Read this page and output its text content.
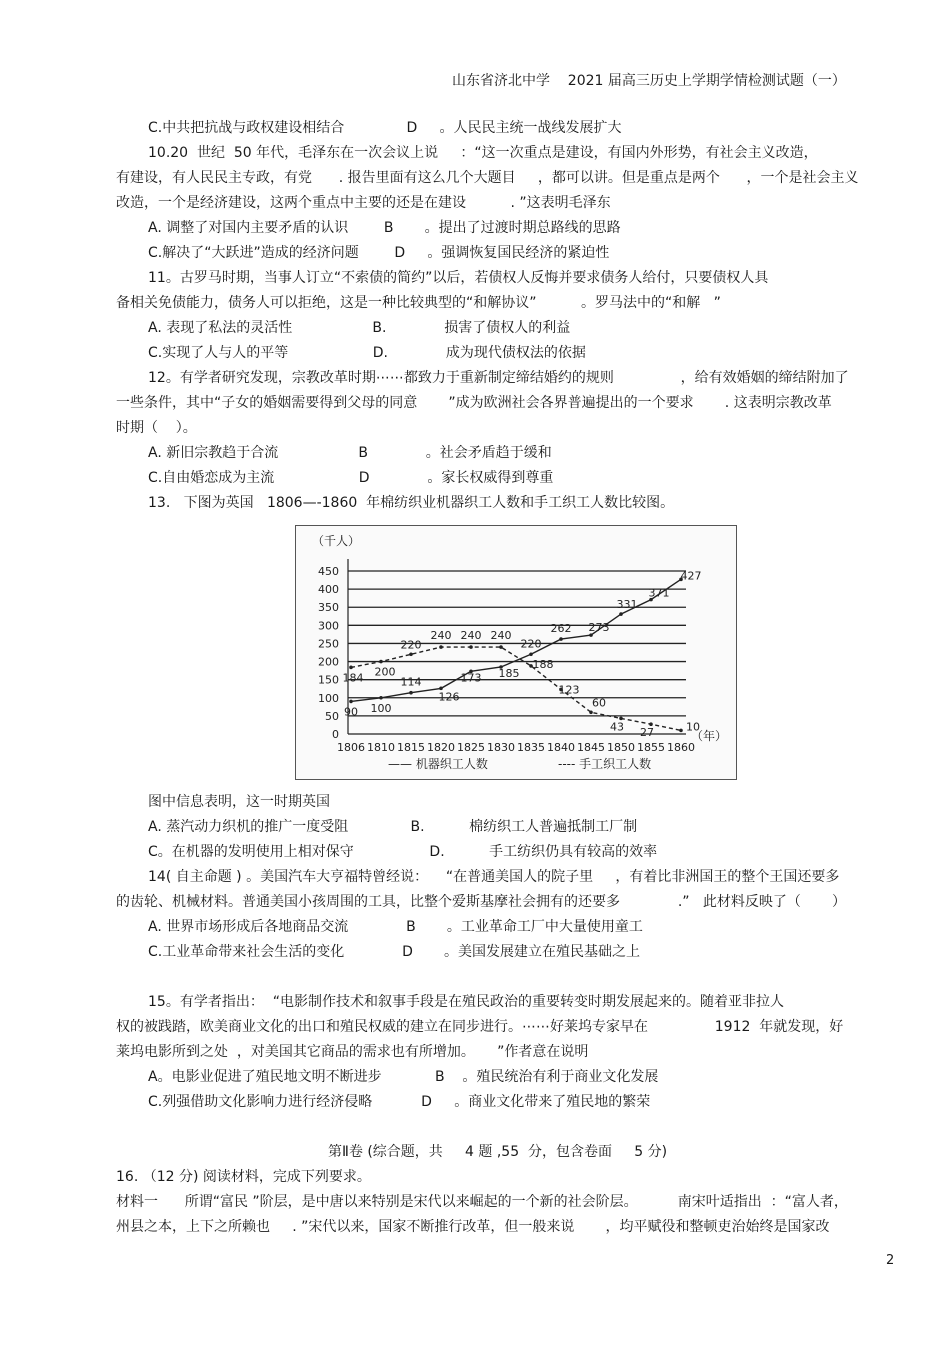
山东省济北中学    2021 届高三历史上学期学情检测试题（一）
C.中共把抗战与政权建设相结合              D     。人民民主统一战线发展扩大
10.20  世纪  50 年代，毛泽东在一次会议上说     ：“这一次重点是建设，有国内外形势，有社会主义改造，
有建设，有人民民主专政，有党      . 报告里面有这么几个大题目     ，都可以讲。但是重点是两个      ，一个是社会主义
改造，一个是经济建设，这两个重点中主要的还是在建设          . ”这表明毛泽东
A. 调整了对国内主要矛盾的认识        B       。提出了过渡时期总路线的思路
C.解决了“大跃进”造成的经济问题        D     。强调恢复国民经济的紧迫性
11。古罗马时期，当事人订立“不索债的简约”以后，若债权人反悔并要求债务人给付，只要债权人具
备相关免债能力，债务人可以拒绝，这是一种比较典型的“和解协议”          。罗马法中的“和解   ”
A. 表现了私法的灵活性                  B.             损害了债权人的利益
C.实现了人与人的平等                   D.             成为现代债权法的依据
12。有学者研究发现，宗教改革时期⋯⋯都致力于重新制定缔结婚约的规则               ，给有效婚姻的缔结附加了
一些条件，其中“子女的婚姻需要得到父母的同意       ”成为欧洲社会各界普遍提出的一个要求       . 这表明宗教改革
时期（    ）。
A. 新旧宗教趋于合流                  B             。社会矛盾趋于缓和
C.自由婚恋成为主流                   D             。家长权威得到尊重
13.   下图为英国   1806—-1860  年棉纺织业机器织工人数和手工织工人数比较图。
（千人）
0
50
100
150
200
250
300
350
400
450
1806 1810 1815 1820 1825 1830 1835 1840 1845 1850 1855 1860
（年）
90 100
114
126
173 185
220
262 273
331
371
427
184 200
220
240 240 240
188
123
60
43 27	10
—— 机器织工人数	---- 手工织工人数
图中信息表明，这一时期英国
A. 蒸汽动力织机的推广一度受阻              B.          棉纺织工人普遍抵制工厂制
C。在机器的发明使用上相对保守                 D.          手工纺织仍具有较高的效率
14( 自主命题 ) 。美国汽车大亨福特曾经说：    “在普通美国人的院子里     ，有着比非洲国王的整个王国还要多
的齿轮、机械材料。普通美国小孩周围的工具，比整个爱斯基摩社会拥有的还要多             .”   此材料反映了（       ）
A. 世界市场形成后各地商品交流             B       。工业革命工厂中大量使用童工
C.工业革命带来社会生活的变化             D       。美国发展建立在殖民基础之上
15。有学者指出：  “电影制作技术和叙事手段是在殖民政治的重要转变时期发展起来的。随着亚非拉人
权的被践踏，欧美商业文化的出口和殖民权威的建立在同步进行。⋯⋯好莱坞专家早在               1912  年就发现，好
莱坞电影所到之处  ，对美国其它商品的需求也有所增加。     ”作者意在说明
A。电影业促进了殖民地文明不断进步            B    。殖民统治有利于商业文化发展
C.列强借助文化影响力进行经济侵略           D     。商业文化带来了殖民地的繁荣
第Ⅱ卷 (综合题，共     4 题 ,55  分，包含卷面     5 分)
16. （12 分) 阅读材料，完成下列要求。
材料一      所谓“富民 ”阶层，是中唐以来特别是宋代以来崛起的一个新的社会阶层。         南宋叶适指出  ：“富人者，
州县之本，上下之所赖也     . ”宋代以来，国家不断推行改革，但一般来说       ，均平赋役和整顿吏治始终是国家改
2
